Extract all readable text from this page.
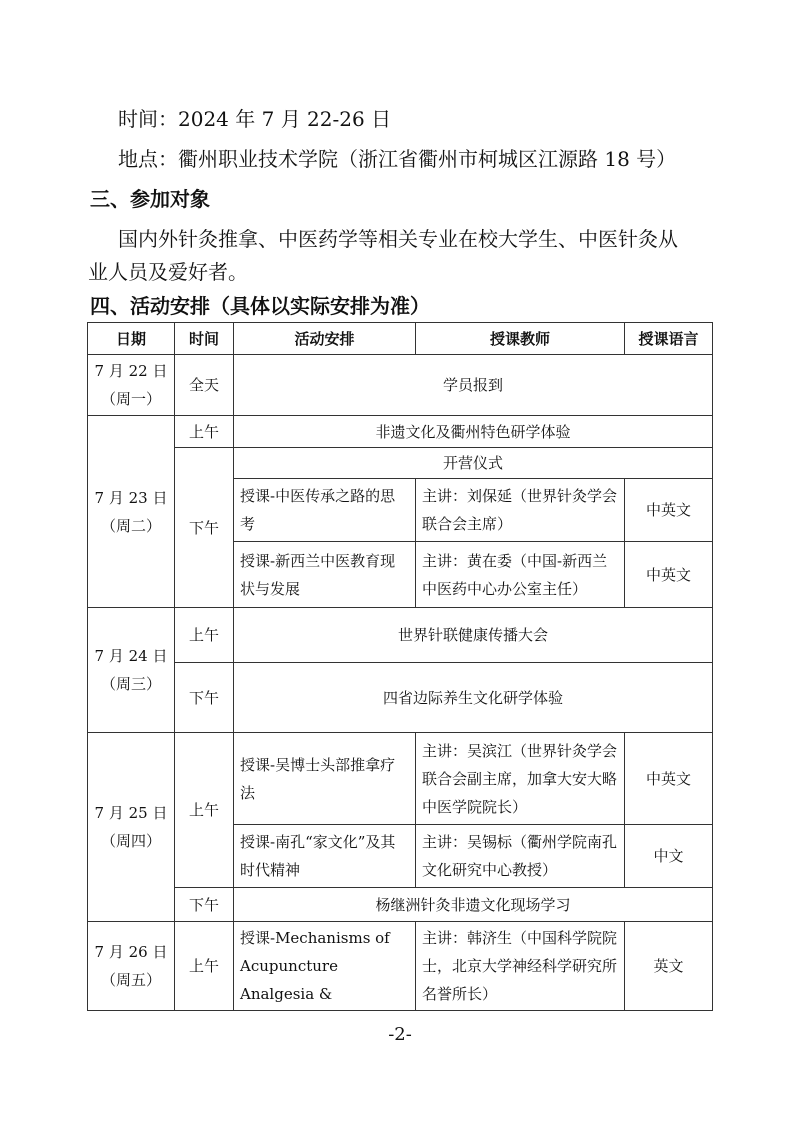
时间：2024 年 7 月 22-26 日
地点：衢州职业技术学院（浙江省衢州市柯城区江源路 18 号）
三、参加对象
国内外针灸推拿、中医药学等相关专业在校大学生、中医针灸从
业人员及爱好者。
四、活动安排（具体以实际安排为准）
日期	时间	活动安排	授课教师	授课语言

7 月 22 日
（周一）	全天	学员报到		

7 月 23 日
（周二）	上午	非遗文化及衢州特色研学体验		
	下午	开营仪式		
		授课-中医传承之路的思考	主讲：刘保延（世界针灸学会联合会主席）	中英文
		授课-新西兰中医教育现状与发展	主讲：黄在委（中国-新西兰中医药中心办公室主任）	中英文

7 月 24 日
（周三）	上午	世界针联健康传播大会		
	下午	四省边际养生文化研学体验		

7 月 25 日
（周四）	上午	授课-吴博士头部推拿疗法	主讲：吴滨江（世界针灸学会联合会副主席，加拿大安大略中医学院院长）	中英文
		授课-南孔“家文化”及其时代精神	主讲：吴锡标（衢州学院南孔文化研究中心教授）	中文
	下午	杨继洲针灸非遗文化现场学习		

7 月 26 日
（周五）	上午	授课-Mechanisms of Acupuncture Analgesia &	主讲：韩济生（中国科学院院士，北京大学神经科学研究所名誉所长）	英文
-2-
